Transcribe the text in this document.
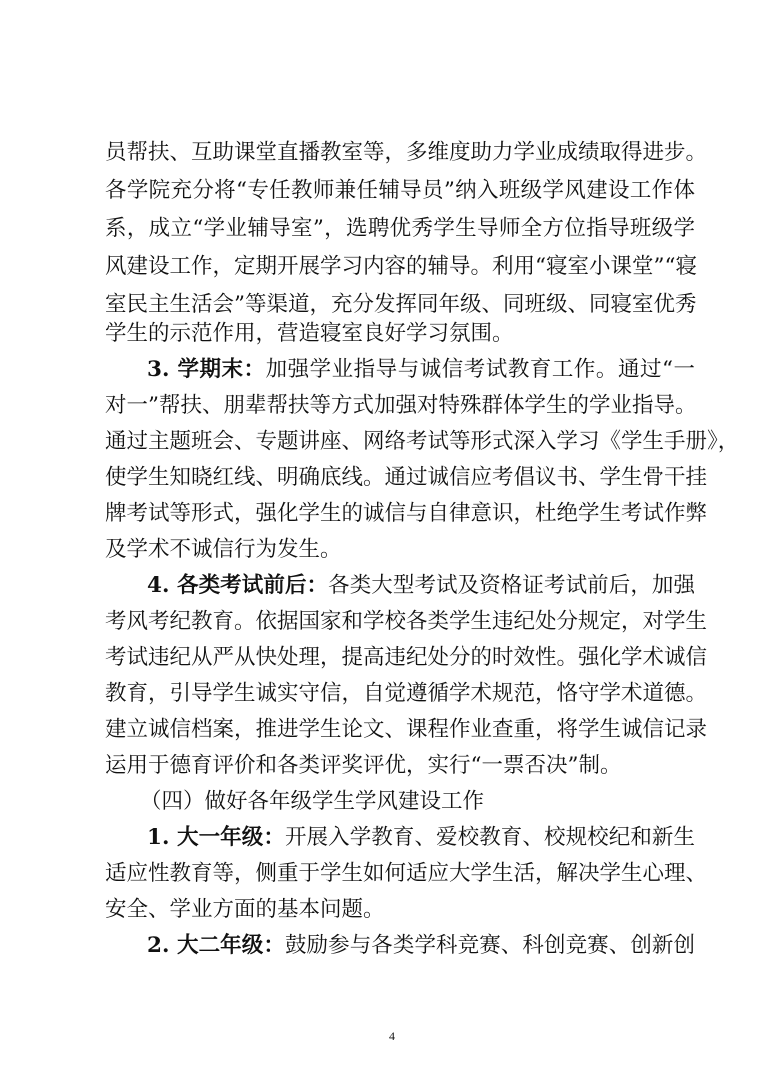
员帮扶、互助课堂直播教室等，多维度助力学业成绩取得进步。
各学院充分将“专任教师兼任辅导员”纳入班级学风建设工作体
系，成立“学业辅导室”，选聘优秀学生导师全方位指导班级学
风建设工作，定期开展学习内容的辅导。利用“寝室小课堂”“寝
室民主生活会”等渠道，充分发挥同年级、同班级、同寝室优秀
学生的示范作用，营造寝室良好学习氛围。
3. 学期末：加强学业指导与诚信考试教育工作。通过“一
对一”帮扶、朋辈帮扶等方式加强对特殊群体学生的学业指导。
通过主题班会、专题讲座、网络考试等形式深入学习《学生手册》，
使学生知晓红线、明确底线。通过诚信应考倡议书、学生骨干挂
牌考试等形式，强化学生的诚信与自律意识，杜绝学生考试作弊
及学术不诚信行为发生。
4. 各类考试前后：各类大型考试及资格证考试前后，加强
考风考纪教育。依据国家和学校各类学生违纪处分规定，对学生
考试违纪从严从快处理，提高违纪处分的时效性。强化学术诚信
教育，引导学生诚实守信，自觉遵循学术规范，恪守学术道德。
建立诚信档案，推进学生论文、课程作业查重，将学生诚信记录
运用于德育评价和各类评奖评优，实行“一票否决”制。
（四）做好各年级学生学风建设工作
1. 大一年级：开展入学教育、爱校教育、校规校纪和新生
适应性教育等，侧重于学生如何适应大学生活，解决学生心理、
安全、学业方面的基本问题。
2. 大二年级：鼓励参与各类学科竞赛、科创竞赛、创新创
4
